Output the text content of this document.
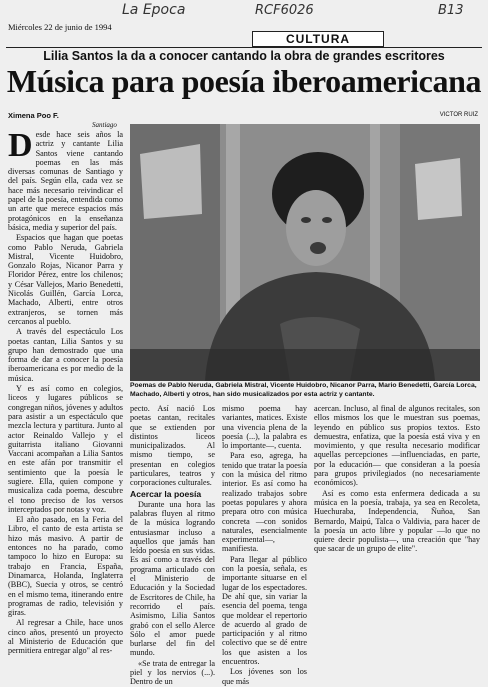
La Epoca	RCF6026	B13
Miércoles 22 de junio de 1994
CULTURA
Lilia Santos la da a conocer cantando la obra de grandes escritores
Música para poesía iberoamericana
Ximena Poo F.
Santiago
VICTOR RUIZ

Desde hace seis años la actriz y cantante Lilia Santos viene cantando poemas en las más diversas comunas de Santiago y del país. Según ella, cada vez se hace más necesario reivindicar el papel de la poesía, entendida como un arte que merece espacios más protagónicos en la enseñanza básica, media y superior del país.

Espacios que hagan que poetas como Pablo Neruda, Gabriela Mistral, Vicente Huidobro, Gonzalo Rojas, Nicanor Parra y Floridor Pérez, entre los chilenos; y César Vallejos, Mario Benedetti, Nicolás Guillén, García Lorca, Machado, Alberti, entre otros extranjeros, se tornen más cercanos al pueblo.

A través del espectáculo Los poetas cantan, Lilia Santos y su grupo han demostrado que una forma de dar a conocer la poesía iberoamericana es por medio de la música.

Y es así como en colegios, liceos y lugares públicos se congregan niños, jóvenes y adultos para asistir a un espectáculo que mezcla lectura y partitura. Junto al actor Reinaldo Vallejo y el guitarrista italiano Giovanni Vaccani acompañan a Lilia Santos en este afán por transmitir el sentimiento que la poesía le sugiere. Ella, quien compone y musicaliza cada poema, descubre el tono preciso de los versos interceptados por notas y voz.

El año pasado, en la Feria del Libro, el canto de esta artista se hizo más masivo. A partir de entonces no ha parado, como tampoco lo hizo en Europa: su trabajo en Francia, España, Dinamarca, Holanda, Inglaterra (BBC), Suecia y otros, se centró en el mismo tema, itinerando entre programas de radio, televisión y giras.

Al regresar a Chile, hace unos cinco años, presentó un proyecto al Ministerio de Educación que permitiera entregar algo" al res-

Poemas de Pablo Neruda, Gabriela Mistral, Vicente Huidobro, Nicanor Parra, Mario Benedetti, García Lorca, Machado, Alberti y otros, han sido musicalizados por esta actriz y cantante.

pecto. Así nació Los poetas cantan, recitales que se extienden por distintos liceos municipalizados. Al mismo tiempo, se presentan en colegios particulares, teatros y corporaciones culturales.

Acercar la poesía

Durante una hora las palabras fluyen al ritmo de la música logrando entusiasmar incluso a aquellos que jamás han leído poesía en sus vidas. Es así como a través del programa articulado con el Ministerio de Educación y la Sociedad de Escritores de Chile, ha recorrido el país. Asimismo, Lilia Santos grabó con el sello Alerce Sólo el amor puede burlarse del fin del mundo.

«Se trata de entregar la piel y los nervios (...). Dentro de un

mismo poema hay variantes, matices. Existe una vivencia plena de la poesía (...), la palabra es lo importante—, cuenta.

Para eso, agrega, ha tenido que tratar la poesía con la música del ritmo interior. Es así como ha realizado trabajos sobre poetas populares y ahora prepara otro con música concreta —con sonidos naturales, esencialmente experimental—, manifiesta.

Para llegar al público con la poesía, señala, es importante situarse en el lugar de los espectadores. De ahí que, sin variar la esencia del poema, tenga que moldear el repertorio de acuerdo al grado de participación y al ritmo colectivo que se dé entre los que asisten a los encuentros.

Los jóvenes son los que más

acercan. Incluso, al final de algunos recitales, son ellos mismos los que le muestran sus poemas, leyendo en público sus propios textos. Esto demuestra, enfatiza, que la poesía está viva y en movimiento, y que resulta necesario modificar aquellas percepciones —influenciadas, en parte, por la educación— que consideran a la poesía para grupos privilegiados (no necesariamente económicos).

Así es como esta enfermera dedicada a su música en la poesía, trabaja, ya sea en Recoleta, Huechuraba, Independencia, Ñuñoa, San Bernardo, Maipú, Talca o Valdivia, para hacer de la poesía un acto libre y popular —lo que no quiere decir populista—, una creación que "hay que sacar de un grupo de elite".
